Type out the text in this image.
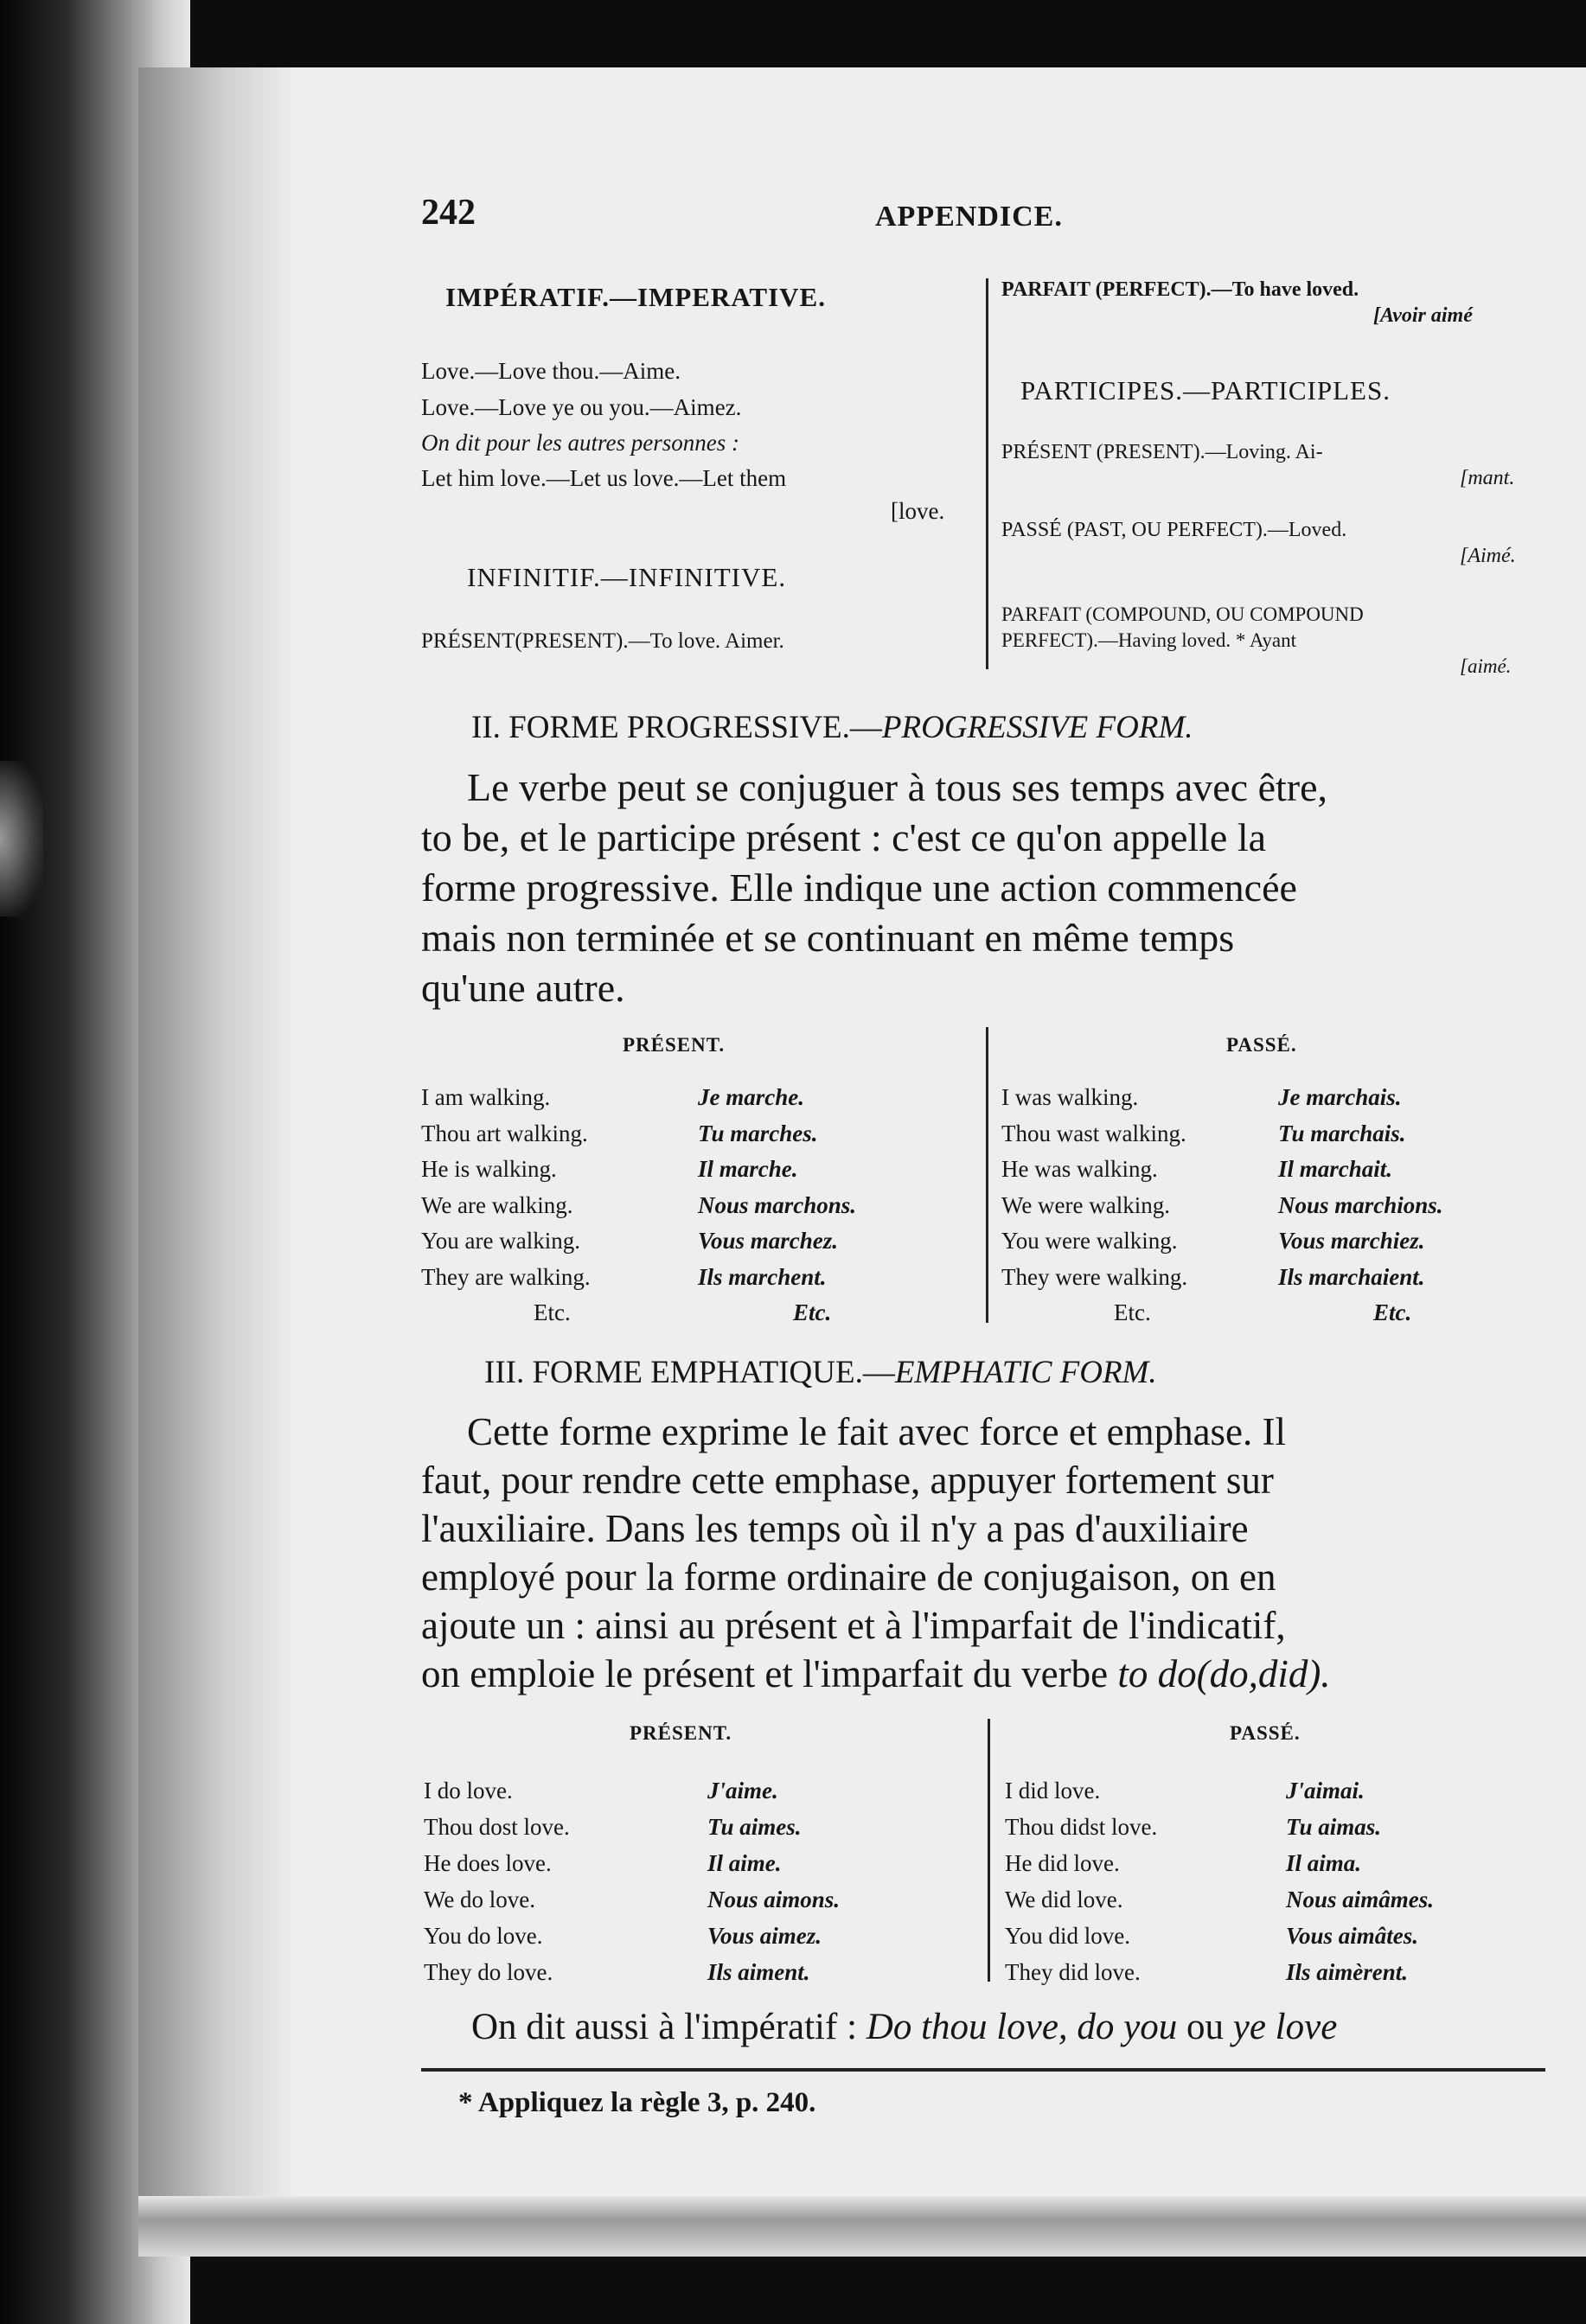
242	APPENDICE.
IMPÉRATIF.—IMPERATIVE.
Love.—Love thou.—Aime.
Love.—Love ye ou you.—Aimez.
On dit pour les autres personnes :
Let him love.—Let us love.—Let them
[love.
INFINITIF.—INFINITIVE.
PRÉSENT(PRESENT).—To love. Aimer.
PARFAIT (PERFECT).—To have loved.
[Avoir aimé
PARTICIPES.—PARTICIPLES.
PRÉSENT (PRESENT).—Loving. Ai-
[mant.
PASSÉ (PAST, OU PERFECT).—Loved.
[Aimé.
PARFAIT (COMPOUND, OU COMPOUND
PERFECT).—Having loved. * Ayant
[aimé.
II. FORME PROGRESSIVE.—PROGRESSIVE FORM.
Le verbe peut se conjuguer à tous ses temps avec être,
to be, et le participe présent : c'est ce qu'on appelle la
forme progressive. Elle indique une action commencée
mais non terminée et se continuant en même temps
qu'une autre.
PRÉSENT.	PASSÉ.
I am walking.	Je marche.
Thou art walking.	Tu marches.
He is walking.	Il marche.
We are walking.	Nous marchons.
You are walking.	Vous marchez.
They are walking.	Ils marchent.
Etc.	Etc.
I was walking.	Je marchais.
Thou wast walking.	Tu marchais.
He was walking.	Il marchait.
We were walking.	Nous marchions.
You were walking.	Vous marchiez.
They were walking.	Ils marchaient.
Etc.	Etc.
III. FORME EMPHATIQUE.—EMPHATIC FORM.
Cette forme exprime le fait avec force et emphase. Il
faut, pour rendre cette emphase, appuyer fortement sur
l'auxiliaire. Dans les temps où il n'y a pas d'auxiliaire
employé pour la forme ordinaire de conjugaison, on en
ajoute un : ainsi au présent et à l'imparfait de l'indicatif,
on emploie le présent et l'imparfait du verbe to do(do,did).
PRÉSENT.	PASSÉ.
I do love.	J'aime.
Thou dost love.	Tu aimes.
He does love.	Il aime.
We do love.	Nous aimons.
You do love.	Vous aimez.
They do love.	Ils aiment.
I did love.	J'aimai.
Thou didst love.	Tu aimas.
He did love.	Il aima.
We did love.	Nous aimâmes.
You did love.	Vous aimâtes.
They did love.	Ils aimèrent.
On dit aussi à l'impératif : Do thou love, do you ou ye love
* Appliquez la règle 3, p. 240.
